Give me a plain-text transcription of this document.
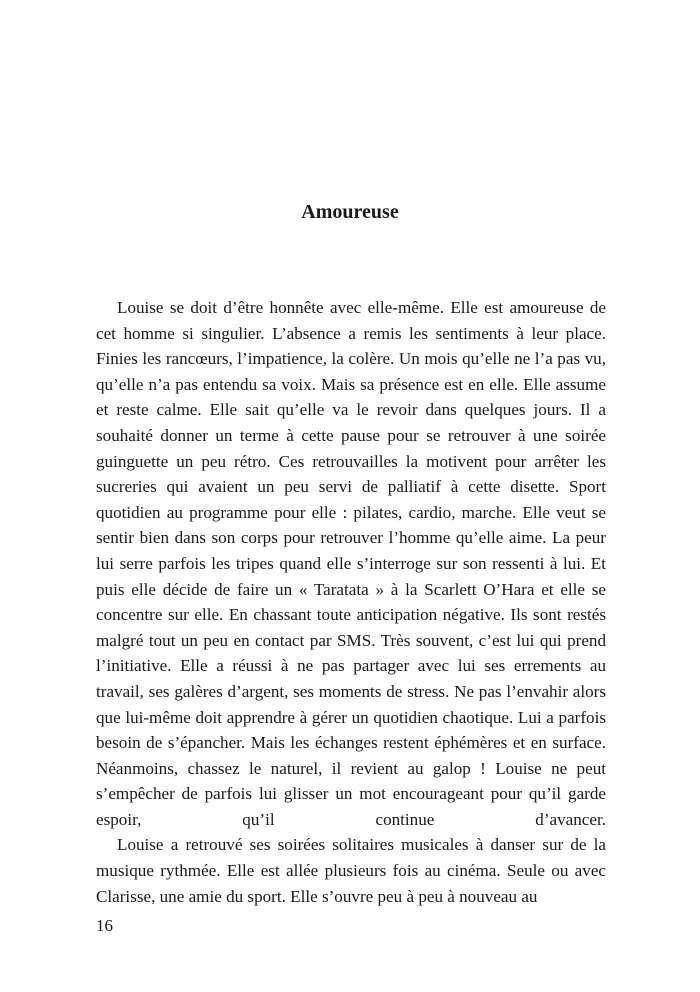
Amoureuse

Louise se doit d’être honnête avec elle-même. Elle est amoureuse de cet homme si singulier. L’absence a remis les sentiments à leur place. Finies les rancœurs, l’impatience, la colère. Un mois qu’elle ne l’a pas vu, qu’elle n’a pas entendu sa voix. Mais sa présence est en elle. Elle assume et reste calme. Elle sait qu’elle va le revoir dans quelques jours. Il a souhaité donner un terme à cette pause pour se retrouver à une soirée guinguette un peu rétro. Ces retrouvailles la motivent pour arrêter les sucreries qui avaient un peu servi de palliatif à cette disette. Sport quotidien au programme pour elle : pilates, cardio, marche. Elle veut se sentir bien dans son corps pour retrouver l’homme qu’elle aime. La peur lui serre parfois les tripes quand elle s’interroge sur son ressenti à lui. Et puis elle décide de faire un « Taratata » à la Scarlett O’Hara et elle se concentre sur elle. En chassant toute anticipation négative. Ils sont restés malgré tout un peu en contact par SMS. Très souvent, c’est lui qui prend l’initiative. Elle a réussi à ne pas partager avec lui ses errements au travail, ses galères d’argent, ses moments de stress. Ne pas l’envahir alors que lui-même doit apprendre à gérer un quotidien chaotique. Lui a parfois besoin de s’épancher. Mais les échanges restent éphémères et en surface. Néanmoins, chassez le naturel, il revient au galop ! Louise ne peut s’empêcher de parfois lui glisser un mot encourageant pour qu’il garde espoir, qu’il continue d’avancer.

Louise a retrouvé ses soirées solitaires musicales à danser sur de la musique rythmée. Elle est allée plusieurs fois au cinéma. Seule ou avec Clarisse, une amie du sport. Elle s’ouvre peu à peu à nouveau au

16
